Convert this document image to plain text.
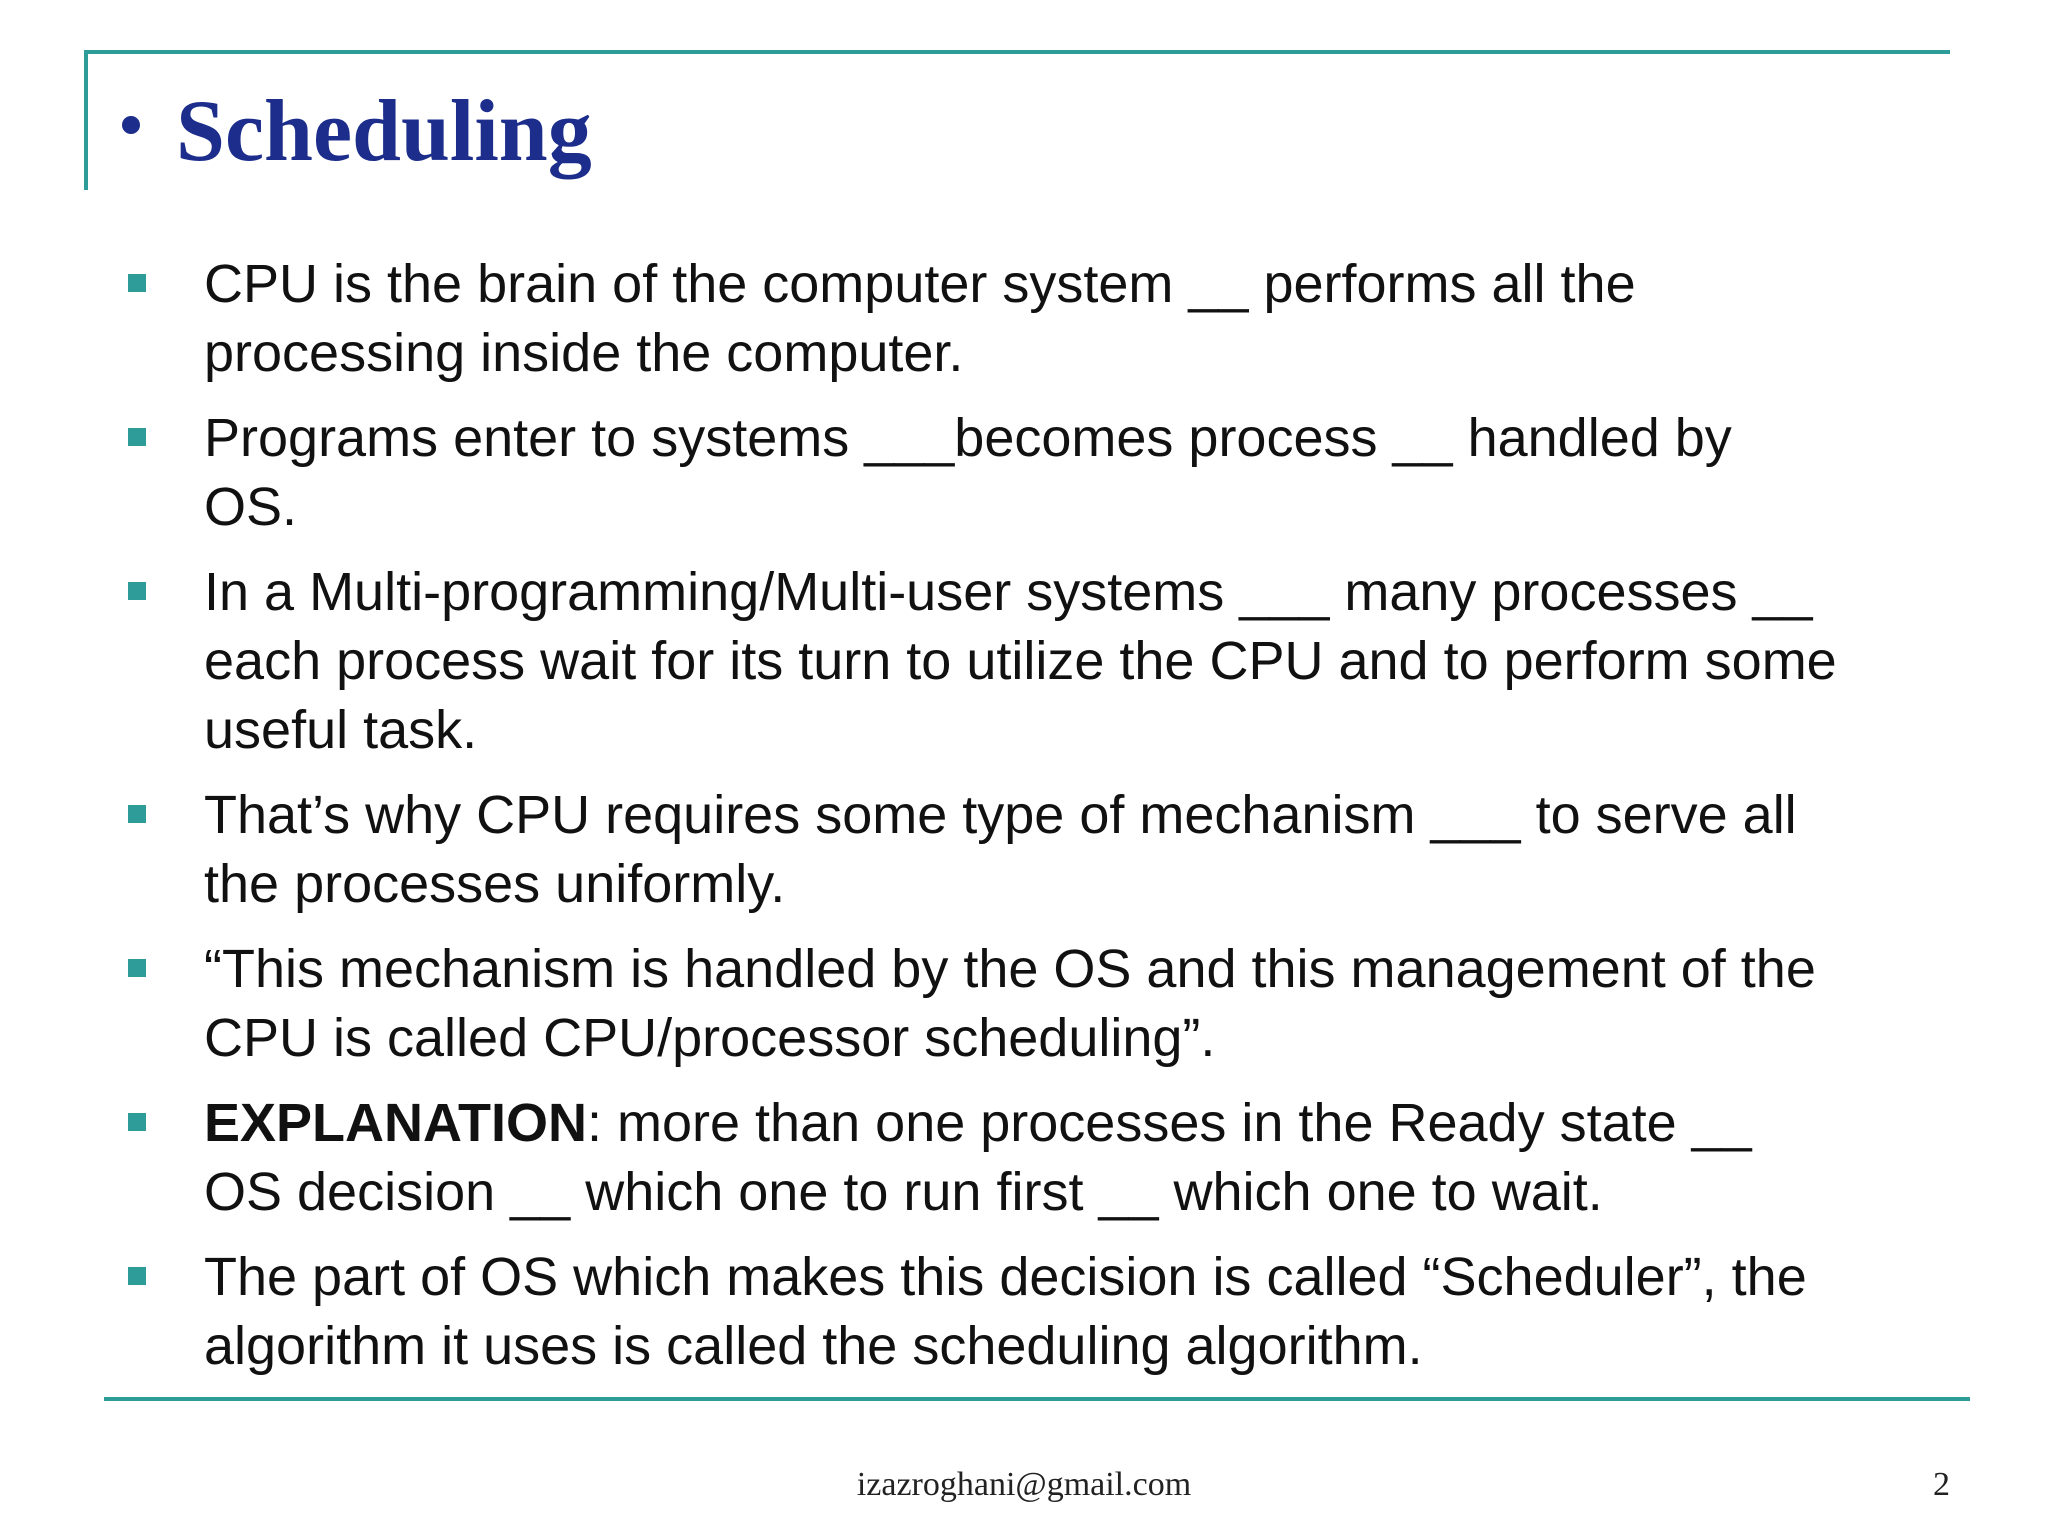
Scheduling
CPU is the brain of the computer system __ performs all the
processing inside the computer.
Programs enter to systems ___becomes process __ handled by
OS.
In a Multi-programming/Multi-user systems ___ many processes __
each process wait for its turn to utilize the CPU and to perform some
useful task.
That’s why CPU requires some type of mechanism ___ to serve all
the processes uniformly.
“This mechanism is handled by the OS and this management of the
CPU is called CPU/processor scheduling”.
EXPLANATION: more than one processes in the Ready state __
OS decision __ which one to run first __ which one to wait.
The part of OS which makes this decision is called “Scheduler”, the
algorithm it uses is called the scheduling algorithm.
izazroghani@gmail.com	2
